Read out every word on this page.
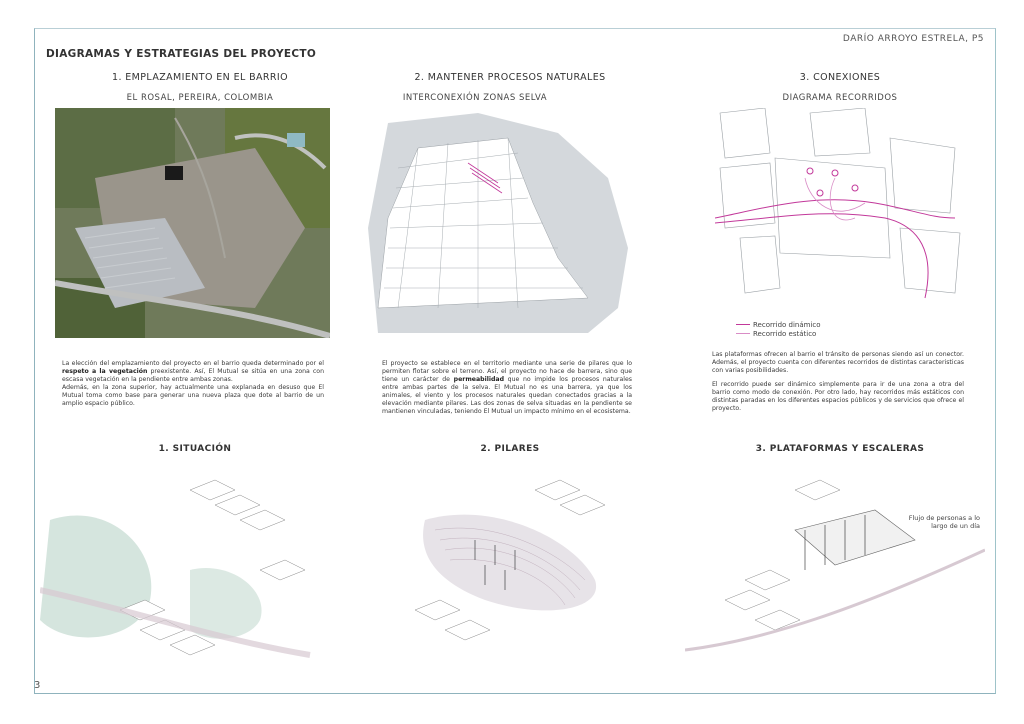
DARÍO ARROYO ESTRELA, P5
DIAGRAMAS Y ESTRATEGIAS DEL PROYECTO
3
1. EMPLAZAMIENTO EN EL BARRIO
EL ROSAL, PEREIRA, COLOMBIA

La elección del emplazamiento del proyecto en el barrio queda determinado por el respeto a la vegetación preexistente. Así, El Mutual se sitúa en una zona con escasa vegetación en la pendiente entre ambas zonas.

Además, en la zona superior, hay actualmente una explanada en desuso que El Mutual toma como base para generar una nueva plaza que dote al barrio de un amplio espacio público.

2. MANTENER PROCESOS NATURALES
INTERCONEXIÓN ZONAS SELVA

El proyecto se establece en el territorio mediante una serie de pilares que lo permiten flotar sobre el terreno. Así, el proyecto no hace de barrera, sino que tiene un carácter de permeabilidad que no impide los procesos naturales entre ambas partes de la selva. El Mutual no es una barrera, ya que los animales, el viento y los procesos naturales quedan conectados gracias a la elevación mediante pilares. Las dos zonas de selva situadas en la pendiente se mantienen vinculadas, teniendo El Mutual un impacto mínimo en el ecosistema.

3. CONEXIONES
DIAGRAMA RECORRIDOS
Recorrido dinámico
Recorrido estático

Las plataformas ofrecen al barrio el tránsito de personas siendo así un conector. Además, el proyecto cuenta con diferentes recorridos de distintas caracteristicas con varias posibilidades.

El recorrido puede ser dinámico simplemente para ir de una zona a otra del barrio como modo de conexión. Por otro lado, hay recorridos más estáticos con distintas paradas en los diferentes espacios públicos y de servicios que ofrece el proyecto.

1. SITUACIÓN	2. PILARES	3. PLATAFORMAS Y ESCALERAS
Flujo de personas a lo largo de un día
